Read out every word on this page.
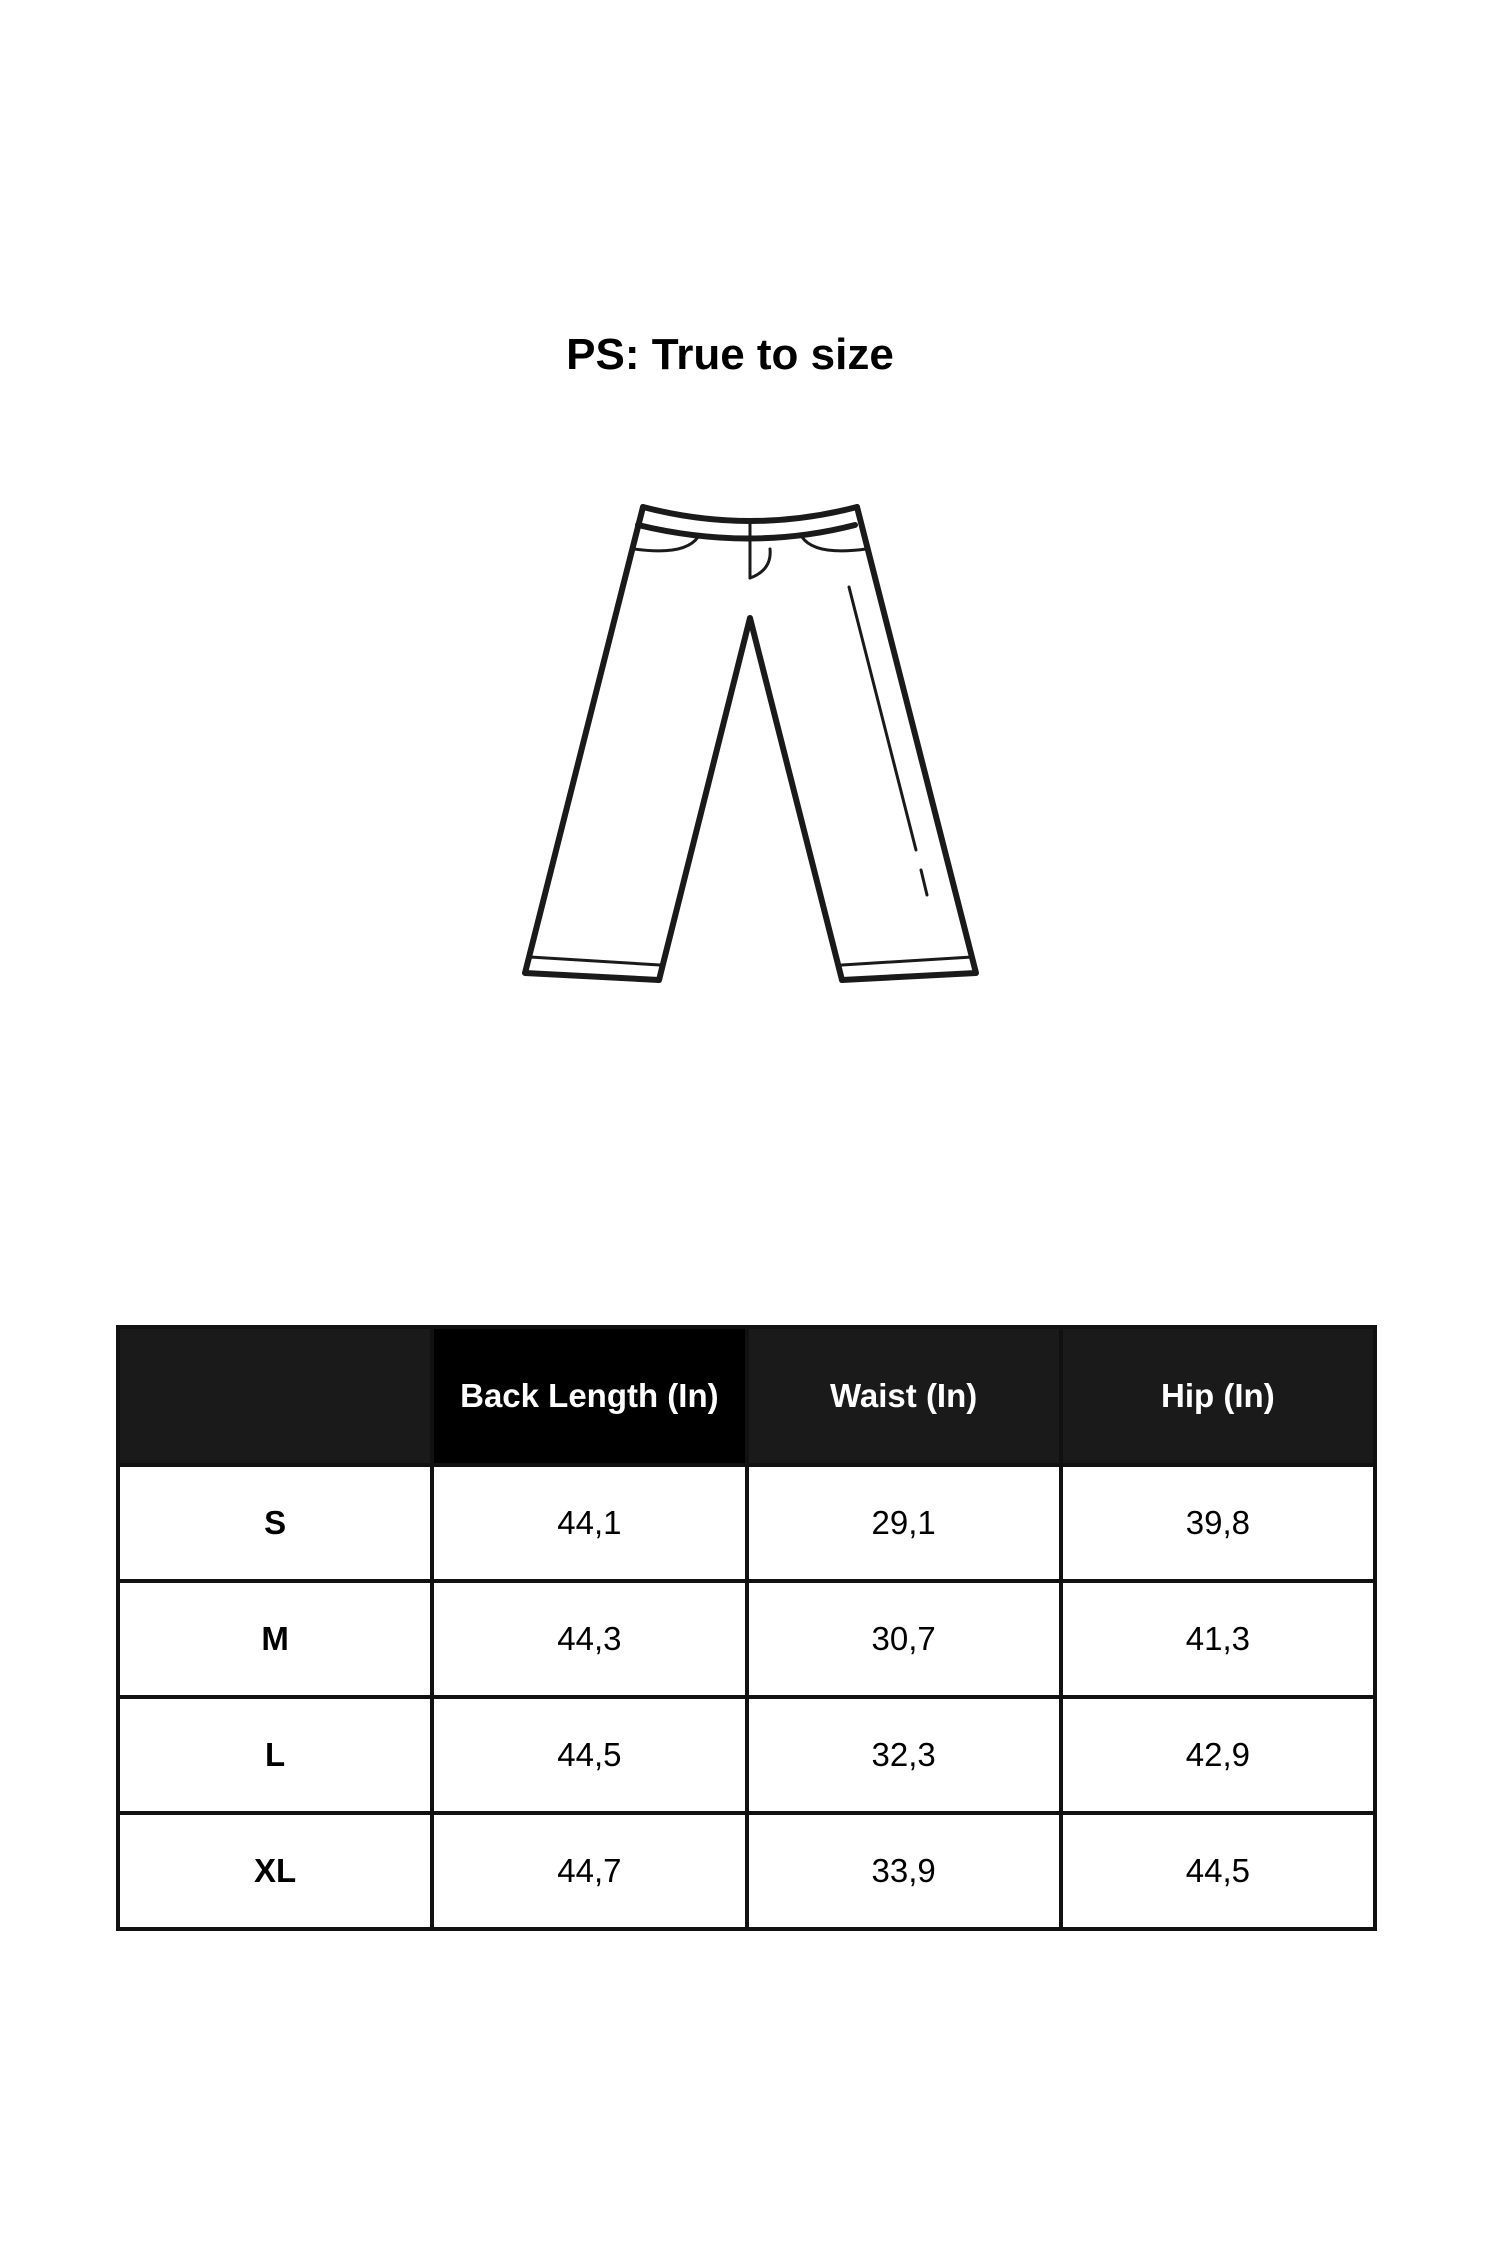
PS: True to size
	Back Length (In)	Waist (In)	Hip (In)
S	44,1	29,1	39,8
M	44,3	30,7	41,3
L	44,5	32,3	42,9
XL	44,7	33,9	44,5
